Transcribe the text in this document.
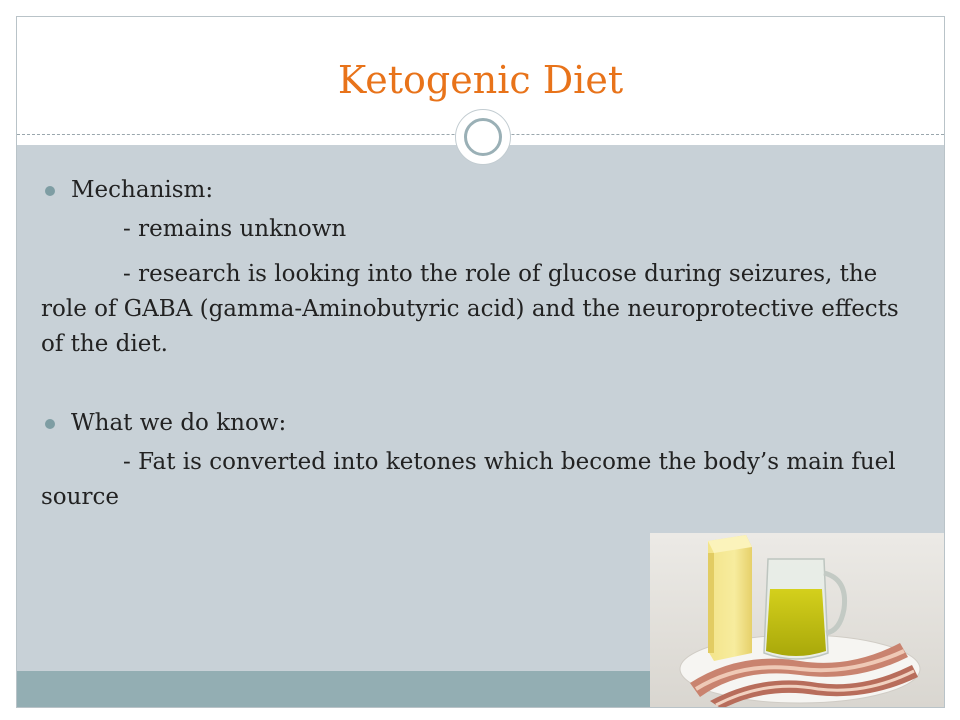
Ketogenic Diet
Mechanism:

- remains unknown

- research is looking into the role of glucose during seizures, the role of GABA (gamma-Aminobutyric acid) and the neuroprotective effects of the diet.

What we do know:

- Fat is converted into ketones which become the body’s main fuel source
